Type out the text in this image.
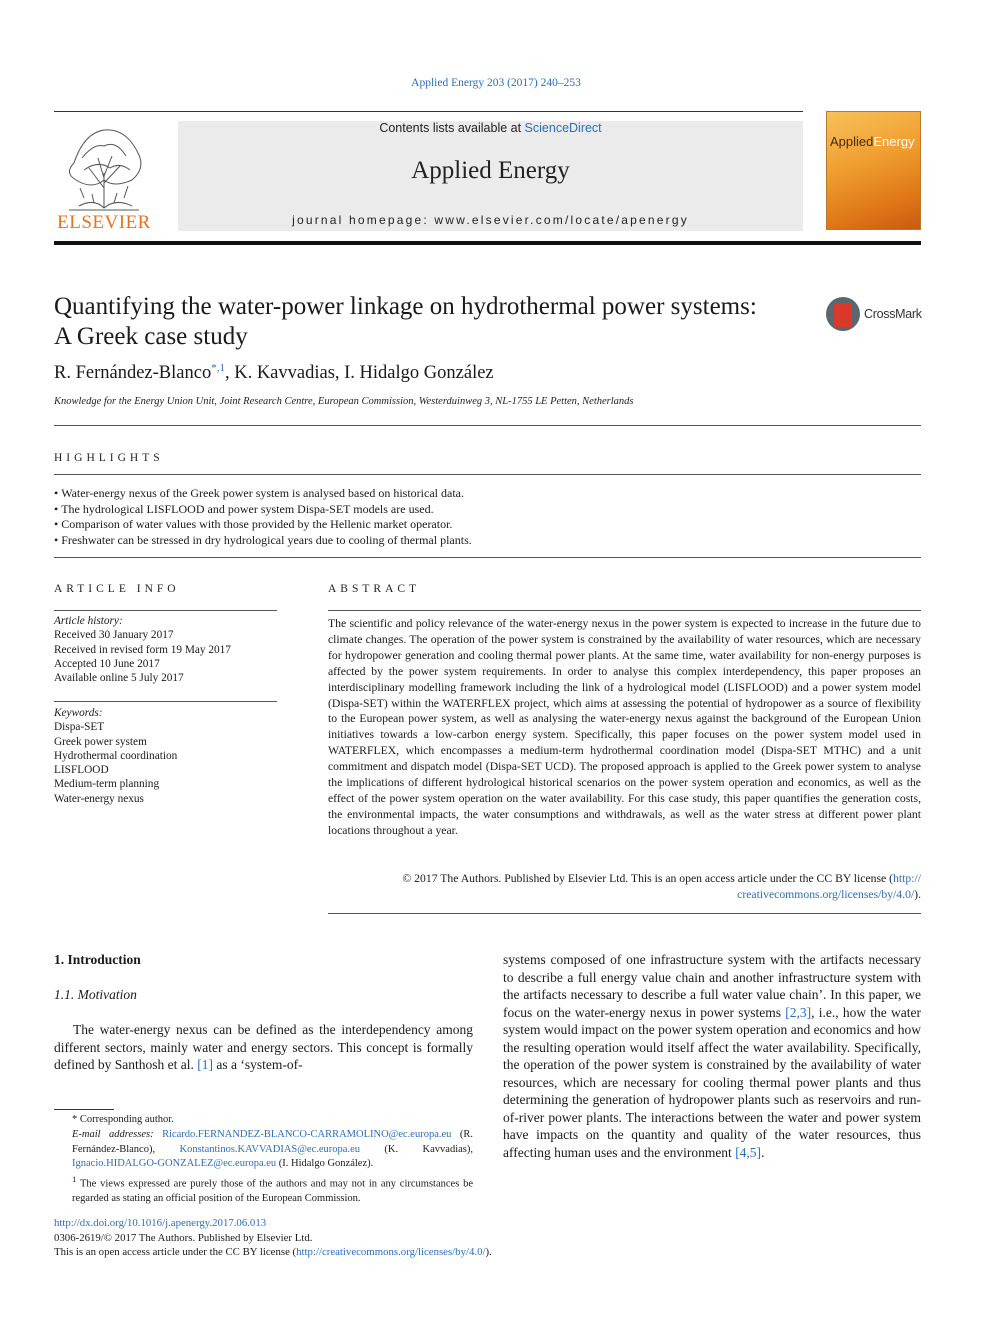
Applied Energy 203 (2017) 240–253
ELSEVIER
Contents lists available at ScienceDirect
Applied Energy
journal homepage: www.elsevier.com/locate/apenergy
AppliedEnergy
Quantifying the water-power linkage on hydrothermal power systems:
A Greek case study
CrossMark
R. Fernández-Blanco$^{*,1}$, K. Kavvadias, I. Hidalgo González
Knowledge for the Energy Union Unit, Joint Research Centre, European Commission, Westerduinweg 3, NL-1755 LE Petten, Netherlands
HIGHLIGHTS
• Water-energy nexus of the Greek power system is analysed based on historical data.
• The hydrological LISFLOOD and power system Dispa-SET models are used.
• Comparison of water values with those provided by the Hellenic market operator.
• Freshwater can be stressed in dry hydrological years due to cooling of thermal plants.
ARTICLE INFO
Article history:
Received 30 January 2017
Received in revised form 19 May 2017
Accepted 10 June 2017
Available online 5 July 2017
Keywords:
Dispa-SET
Greek power system
Hydrothermal coordination
LISFLOOD
Medium-term planning
Water-energy nexus
ABSTRACT
The scientific and policy relevance of the water-energy nexus in the power system is expected to increase in the future due to climate changes. The operation of the power system is constrained by the availability of water resources, which are necessary for hydropower generation and cooling thermal power plants. At the same time, water availability for non-energy purposes is affected by the power system requirements. In order to analyse this complex interdependency, this paper proposes an interdisciplinary modelling framework including the link of a hydrological model (LISFLOOD) and a power system model (Dispa-SET) within the WATERFLEX project, which aims at assessing the potential of hydropower as a source of flexibility to the European power system, as well as analysing the water-energy nexus against the background of the European Union initiatives towards a low-carbon energy system. Specifically, this paper focuses on the power system model used in WATERFLEX, which encompasses a medium-term hydrothermal coordination model (Dispa-SET MTHC) and a unit commitment and dispatch model (Dispa-SET UCD). The proposed approach is applied to the Greek power system to analyse the implications of different hydrological historical scenarios on the power system operation and economics, as well as the effect of the power system operation on the water availability. For this case study, this paper quantifies the generation costs, the environmental impacts, the water consumptions and withdrawals, as well as the water stress at different power plant locations throughout a year.
© 2017 The Authors. Published by Elsevier Ltd. This is an open access article under the CC BY license (http://
creativecommons.org/licenses/by/4.0/).
1. Introduction
1.1. Motivation
The water-energy nexus can be defined as the interdependency among different sectors, mainly water and energy sectors. This concept is formally defined by Santhosh et al. [1] as a ‘system-of-
systems composed of one infrastructure system with the artifacts necessary to describe a full energy value chain and another infrastructure system with the artifacts necessary to describe a full water value chain’. In this paper, we focus on the water-energy nexus in power systems [2,3], i.e., how the water system would impact on the power system operation and economics and how the resulting operation would itself affect the water availability. Specifically, the operation of the power system is constrained by the availability of water resources, which are necessary for cooling thermal power plants and thus determining the generation of hydropower plants such as reservoirs and run-of-river power plants. The interactions between the water and power system have impacts on the quantity and quality of the water resources, thus affecting human uses and the environment [4,5].
* Corresponding author.
E-mail addresses: Ricardo.FERNANDEZ-BLANCO-CARRAMOLINO@ec.europa.eu (R. Fernández-Blanco), Konstantinos.KAVVADIAS@ec.europa.eu (K. Kavvadias), Ignacio.HIDALGO-GONZALEZ@ec.europa.eu (I. Hidalgo González).
$^1$ The views expressed are purely those of the authors and may not in any circumstances be regarded as stating an official position of the European Commission.
http://dx.doi.org/10.1016/j.apenergy.2017.06.013
0306-2619/© 2017 The Authors. Published by Elsevier Ltd.
This is an open access article under the CC BY license (http://creativecommons.org/licenses/by/4.0/).
